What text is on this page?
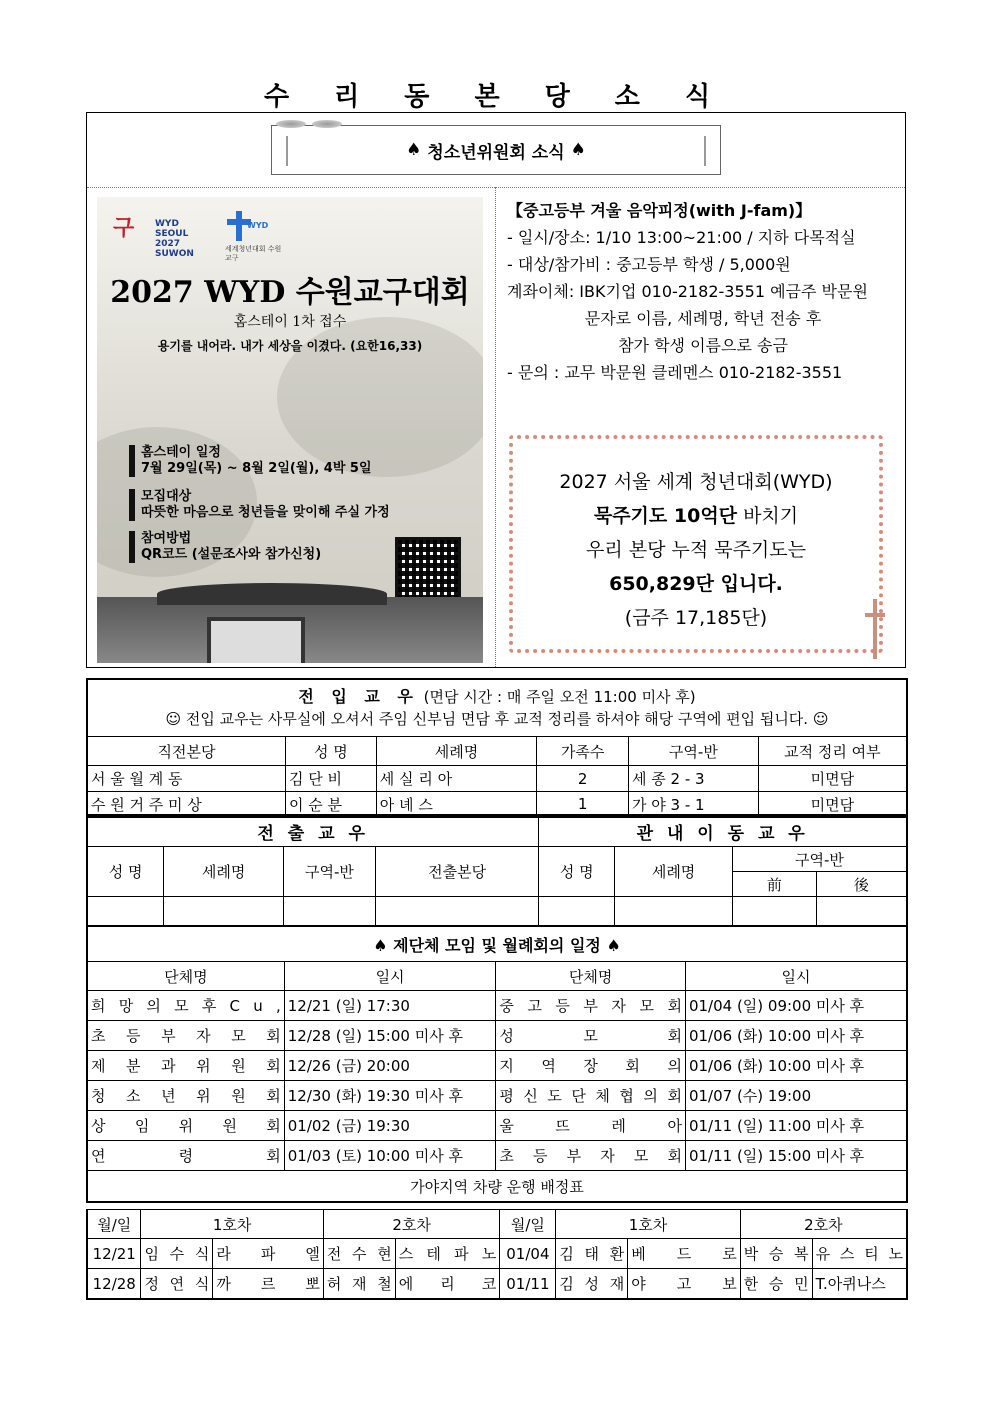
수 리 동 본 당 소 식
♠
청소년위원회 소식
♠
ᄀ WYD SEOUL 2027 SUWON
WYD
세계청년대회 수원교구
2027 WYD 수원교구대회
홈스테이 1차 접수
용기를 내어라. 내가 세상을 이겼다. (요한16,33)
홈스테이 일정
7월 29일(목) ~ 8월 2일(월), 4박 5일
모집대상
따뜻한 마음으로 청년들을 맞이해 주실 가정
참여방법
QR코드 (설문조사와 참가신청)
【중고등부 겨울 음악피정(with J-fam)】
- 일시/장소: 1/10 13:00~21:00 / 지하 다목적실
- 대상/참가비 : 중고등부 학생 / 5,000원
계좌이체: IBK기업 010-2182-3551 예금주 박문원
문자로 이름, 세례명, 학년 전송 후
참가 학생 이름으로 송금
- 문의 : 교무 박문원 클레멘스 010-2182-3551
2027 서울 세계 청년대회(WYD)
묵주기도 10억단 바치기
우리 본당 누적 묵주기도는
650,829단 입니다.
(금주 17,185단)
전 입 교 우 (면담 시간 : 매 주일 오전 11:00 미사 후)
☺ 전입 교우는 사무실에 오셔서 주임 신부님 면담 후 교적 정리를 하셔야 해당 구역에 편입 됩니다. ☺
직전본당	성 명	세례명	가족수	구역-반	교적 정리 여부
서 울 월 계 동	김 단 비	세 실 리 아	2	세 종 2 - 3	미면담
수 원 거 주 미 상	이 순 분	아 녜 스	1	가 야 3 - 1	미면담
전 출 교 우				관 내 이 동 교 우			
성 명	세례명	구역-반	전출본당	성 명	세례명	구역-반	
						前	後

♠ 제단체 모임 및 월례회의 일정 ♠			
단체명	일시	단체명	일시
희 망 의 모 후 C u ,	12/21 (일) 17:30	중 고 등 부 자 모 회	01/04 (일) 09:00 미사 후
초 등 부 자 모 회	12/28 (일) 15:00 미사 후	성 모 회	01/06 (화) 10:00 미사 후
제 분 과 위 원 회	12/26 (금) 20:00	지 역 장 회 의	01/06 (화) 10:00 미사 후
청 소 년 위 원 회	12/30 (화) 19:30 미사 후	평 신 도 단 체 협 의 회	01/07 (수) 19:00
상 임 위 원 회	01/02 (금) 19:30	울 뜨 레 아	01/11 (일) 11:00 미사 후
연 령 회	01/03 (토) 10:00 미사 후	초 등 부 자 모 회	01/11 (일) 15:00 미사 후
가야지역 차량 운행 배정표			
월/일	1호차		2호차		월/일	1호차		2호차	
12/21	임 수 식	라 파 엘	전 수 현	스 테 파 노	01/04	김 태 환	베 드 로	박 승 복	유 스 티 노
12/28	정 연 식	까 르 뽀	허 재 철	에 리 코	01/11	김 성 재	야 고 보	한 승 민	T.아퀴나스
